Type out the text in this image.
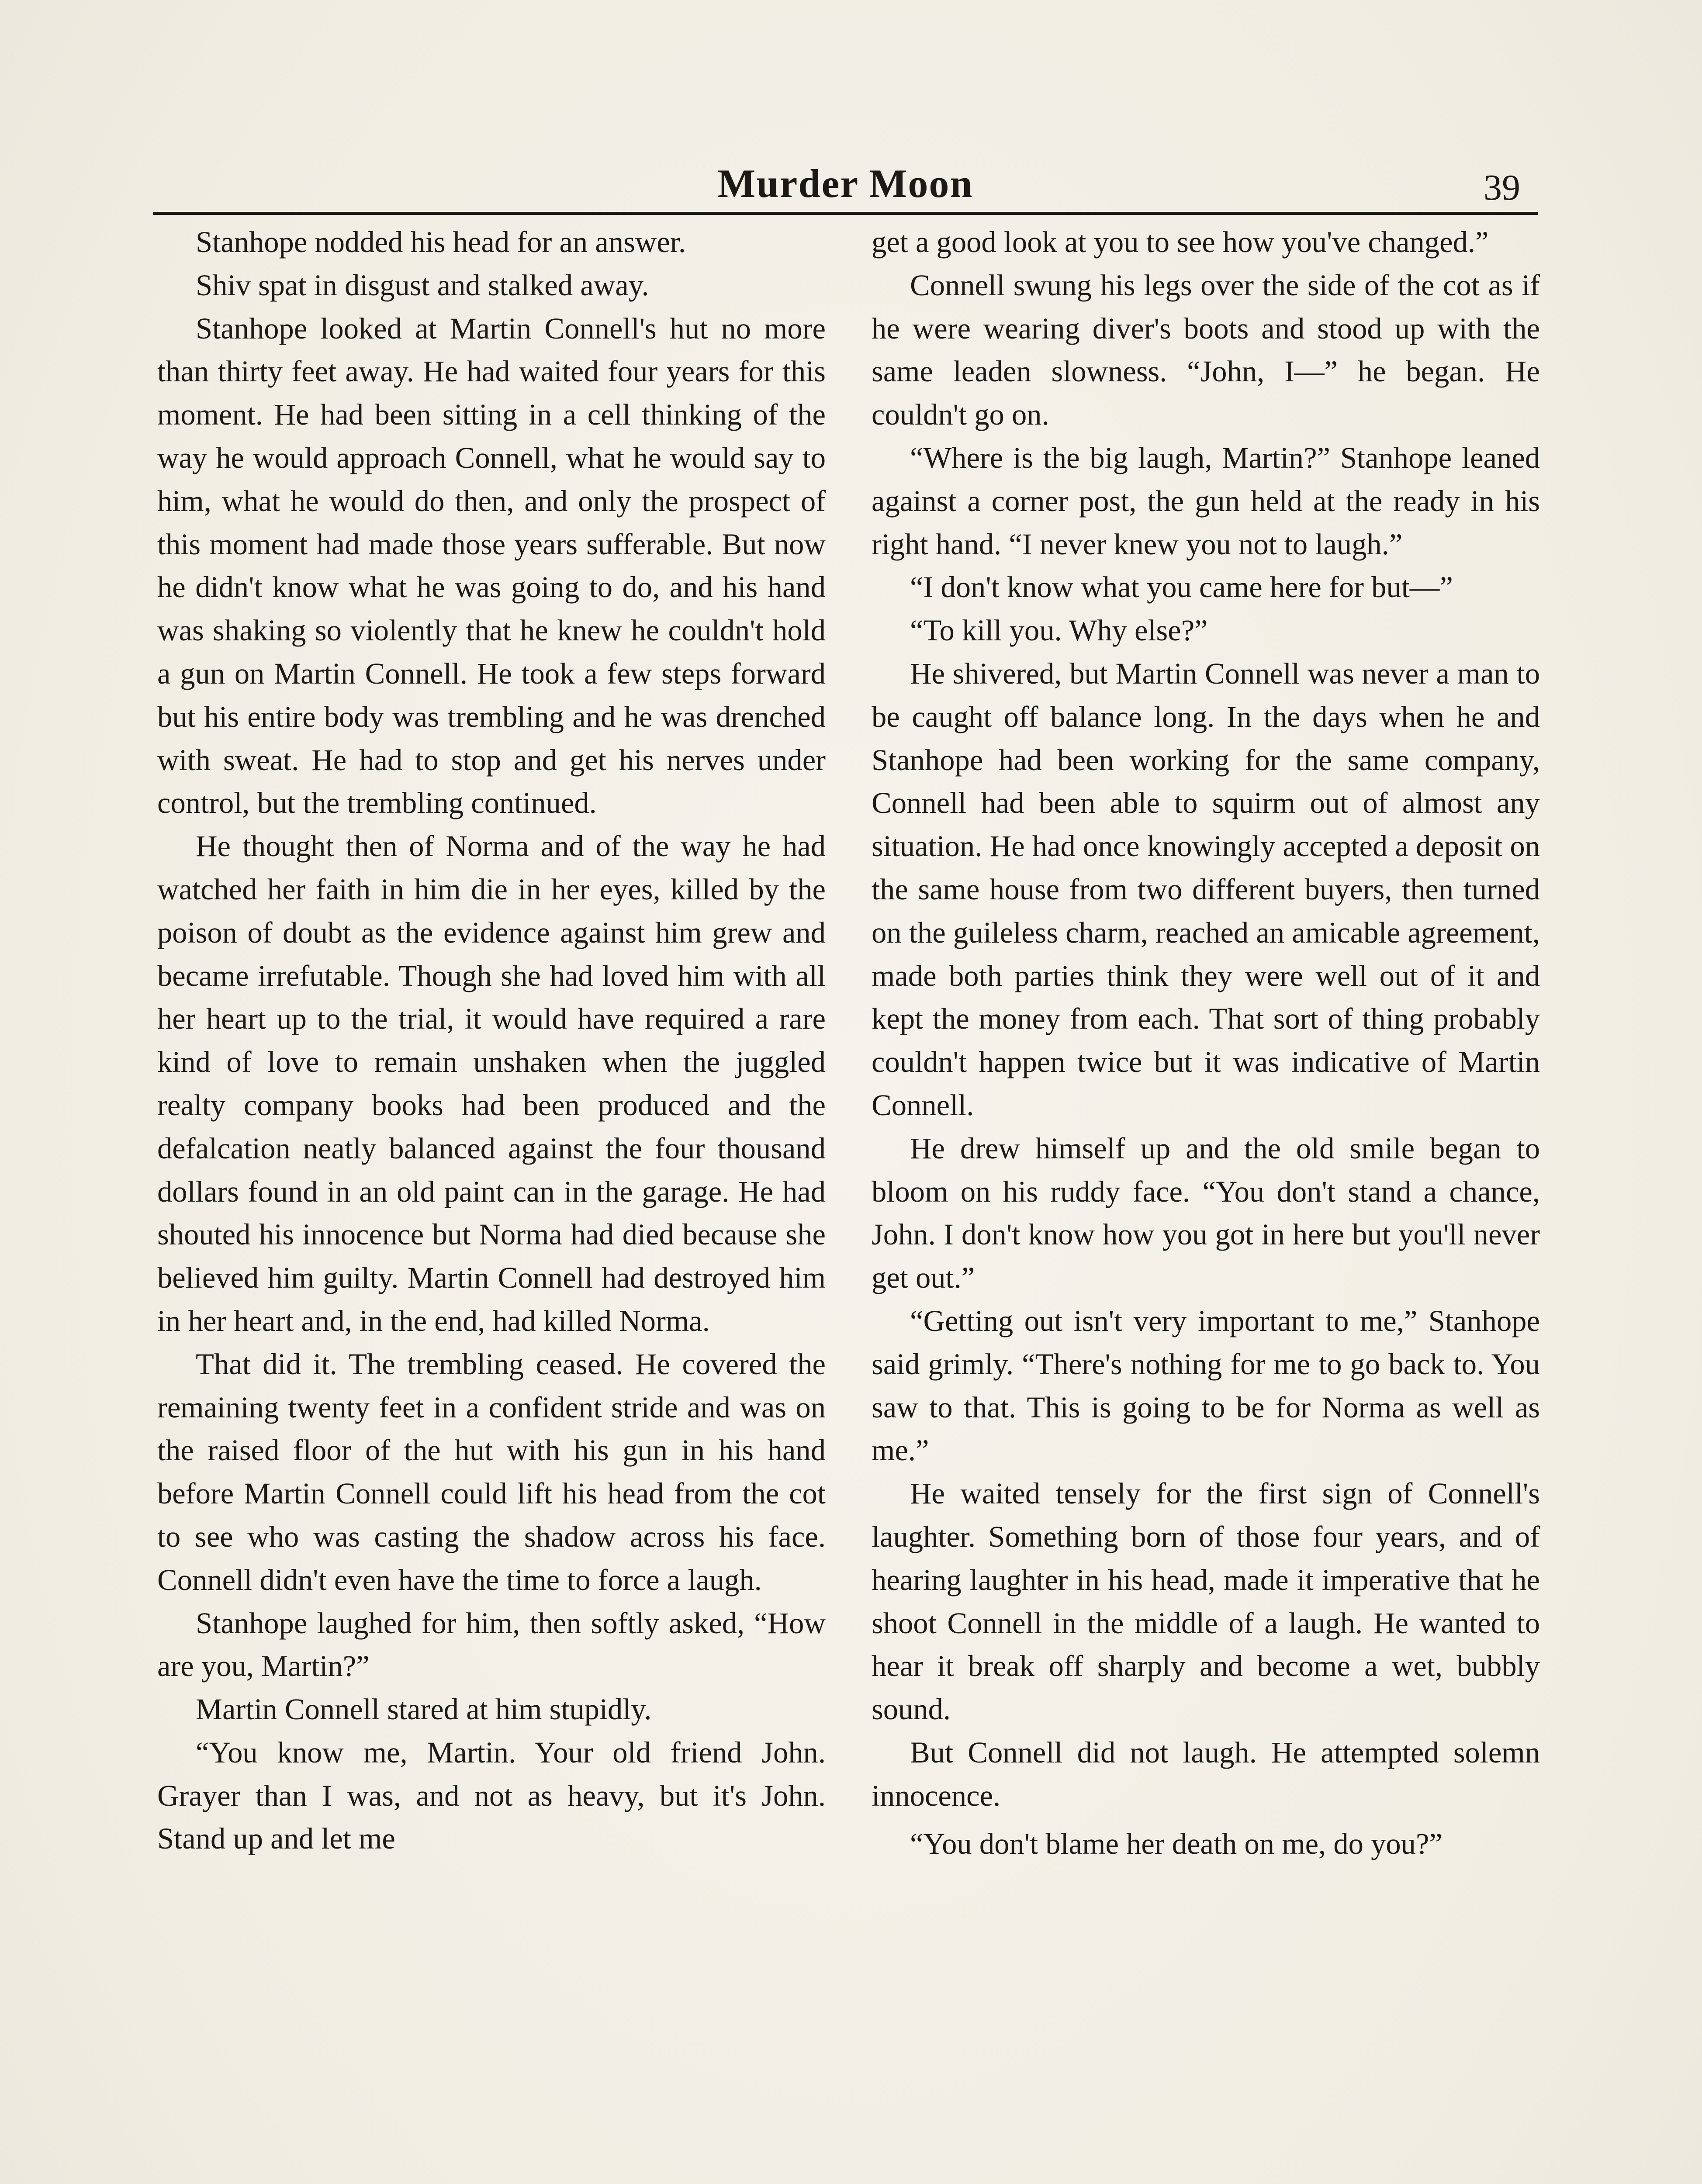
Murder Moon	39

Stanhope nodded his head for an answer.

Shiv spat in disgust and stalked away.

Stanhope looked at Martin Connell's hut no more than thirty feet away. He had waited four years for this moment. He had been sitting in a cell thinking of the way he would approach Connell, what he would say to him, what he would do then, and only the prospect of this moment had made those years sufferable. But now he didn't know what he was going to do, and his hand was shaking so violently that he knew he couldn't hold a gun on Martin Connell. He took a few steps forward but his entire body was trembling and he was drenched with sweat. He had to stop and get his nerves under control, but the trembling continued.

He thought then of Norma and of the way he had watched her faith in him die in her eyes, killed by the poison of doubt as the evidence against him grew and became irrefutable. Though she had loved him with all her heart up to the trial, it would have required a rare kind of love to remain unshaken when the juggled realty company books had been produced and the defalcation neatly balanced against the four thousand dollars found in an old paint can in the garage. He had shouted his innocence but Norma had died because she believed him guilty. Martin Connell had destroyed him in her heart and, in the end, had killed Norma.

That did it. The trembling ceased. He covered the remaining twenty feet in a confident stride and was on the raised floor of the hut with his gun in his hand before Martin Connell could lift his head from the cot to see who was casting the shadow across his face. Connell didn't even have the time to force a laugh.

Stanhope laughed for him, then softly asked, “How are you, Martin?”

Martin Connell stared at him stupidly.

“You know me, Martin. Your old friend John. Grayer than I was, and not as heavy, but it's John. Stand up and let me

get a good look at you to see how you've changed.”

Connell swung his legs over the side of the cot as if he were wearing diver's boots and stood up with the same leaden slowness. “John, I—” he began. He couldn't go on.

“Where is the big laugh, Martin?” Stanhope leaned against a corner post, the gun held at the ready in his right hand. “I never knew you not to laugh.”

“I don't know what you came here for but—”

“To kill you. Why else?”

He shivered, but Martin Connell was never a man to be caught off balance long. In the days when he and Stanhope had been working for the same company, Connell had been able to squirm out of almost any situation. He had once knowingly accepted a deposit on the same house from two different buyers, then turned on the guileless charm, reached an amicable agreement, made both parties think they were well out of it and kept the money from each. That sort of thing probably couldn't happen twice but it was indicative of Martin Connell.

He drew himself up and the old smile began to bloom on his ruddy face. “You don't stand a chance, John. I don't know how you got in here but you'll never get out.”

“Getting out isn't very important to me,” Stanhope said grimly. “There's nothing for me to go back to. You saw to that. This is going to be for Norma as well as me.”

He waited tensely for the first sign of Connell's laughter. Something born of those four years, and of hearing laughter in his head, made it imperative that he shoot Connell in the middle of a laugh. He wanted to hear it break off sharply and become a wet, bubbly sound.

But Connell did not laugh. He attempted solemn innocence.

“You don't blame her death on me, do you?”
